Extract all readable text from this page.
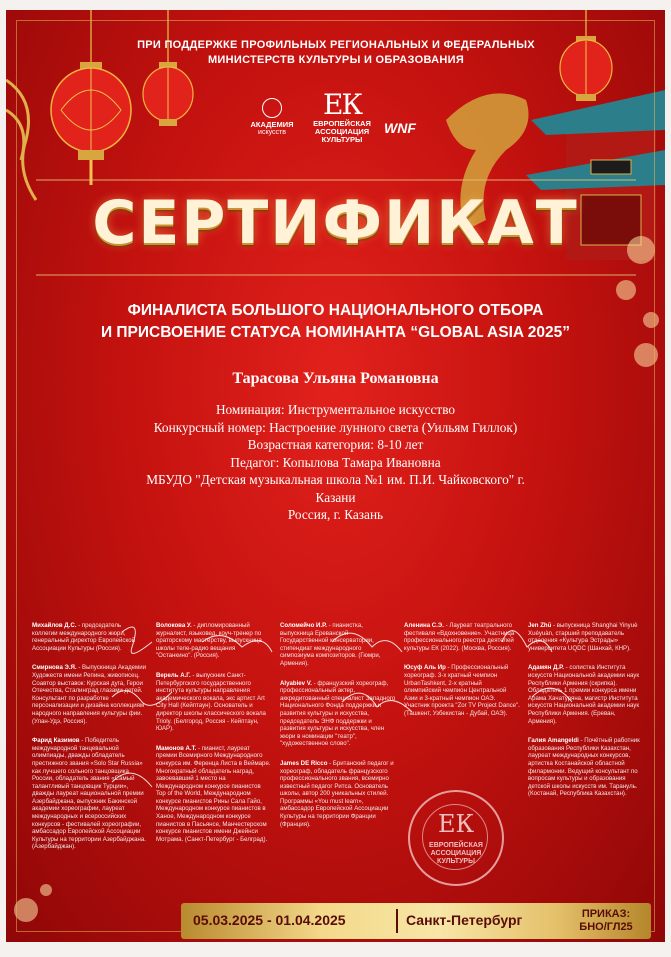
ПРИ ПОДДЕРЖКЕ ПРОФИЛЬНЫХ РЕГИОНАЛЬНЫХ И ФЕДЕРАЛЬНЫХ
МИНИСТЕРСТВ КУЛЬТУРЫ И ОБРАЗОВАНИЯ
АКАДЕМИЯ
искусств
ЕК
ЕВРОПЕЙСКАЯ
АССОЦИАЦИЯ
КУЛЬТУРЫ
WNF
СЕРТИФИКАТ
ФИНАЛИСТА БОЛЬШОГО НАЦИОНАЛЬНОГО ОТБОРА
И ПРИСВОЕНИЕ СТАТУСА НОМИНАНТА “GLOBAL ASIA 2025”
Тарасова Ульяна Романовна
Номинация: Инструментальное искусство
Конкурсный номер: Настроение лунного света (Уильям Гиллок)
Возрастная категория: 8-10 лет
Педагог: Копылова Тамара Ивановна
МБУДО "Детская музыкальная школа №1 им. П.И. Чайковского" г.
Казани
Россия, г. Казань

Михайлов Д.С. - председатель коллегии международного жюри, генеральный директор Европейской Ассоциации Культуры (Россия).

Смирнова Э.Я. - Выпускница Академии Художеств имени Репина, живописец. Соавтор выставок: Курская дуга, Герои Отечества, Сталинград глазами детей. Консультант по разработке персонализации и дизайна коллекциям народного направления культуры фии. (Улан-Удэ, Россия).

Фарид Казимов - Победитель международной танцевальной олимпиады, дважды обладатель престижного звания «Solo Star Russia» как лучшего сольного танцовщика России, обладатель звания «Самый талантливый танцовщик Турции», дважды лауреат национальной премии Азербайджана, выпускник Бакинской академии хореографии, лауреат международных и всероссийских конкурсов - фестивалей хореографии, амбассадор Европейской Ассоциации Культуры на территории Азербайджана. (Азербайджан).

Волокова У. - дипломированный журналист, языковед, коуч-тренер по ораторскому мастерству, выпускница школы теле-радио вещания "Останкино". (Россия).

Верель А.Г. - выпускник Санкт-Петербургского государственного института культуры направления академического вокала, экс артист Art City Hall (Кейптаун). Основатель и директор школы классического вокала Trioly. (Белгород, Россия - Кейптаун, ЮАР).

Мамонов А.Т. - пианист, лауреат премии Всемирного Международного конкурса им. Ференца Листа в Веймаре. Многократный обладатель наград, завоевавший 1 место на Международном конкурсе пианистов Top of the World, Международном конкурсе пианистов Рины Сала Гайо, Международном конкурсе пианистов в Ханое, Международном конкурсе пианистов в Пасьянсе, Манчестерском конкурсе пианистов имени Джейнси Мотрама. (Санкт-Петербург - Белград).

Соломейчо И.Р. - пианистка, выпускница Ереванской Государственной консерватории, стипендиат международного симпозиума композиторов. (Гюмри, Армения).

Alyabiev V. - французский хореограф, профессиональный актер, аккредитованный специалист Западного Национального Фонда поддержки и развития культуры и искусства, председатель ЭНФ поддержки и развития культуры и искусства, член жюри в номинации "театр", "художественное слово".

James DE Ricco - Британский педагог и хореограф, обладатель французского профессионального звания, всемирно известный педагог Ритса. Основатель школы, автор 200 уникальных стилей. Программы «You must learn», амбассадор Европейской Ассоциации Культуры на территории Франции (Франция).

Аленина С.Э. - Лауреат театрального фестиваля «Вдохновение». Участница профессионального реестра деятелей культуры ЕК (2022). (Москва, Россия).

Юсуф Аль Ир - Профессиональный хореограф. 3-х кратный чемпион UrbanTashkent, 2-х кратный олимпийский чемпион Центральной Азии и 3-кратный чемпион ОАЭ. Участник проекта "Zor TV Project Dance". (Ташкент, Узбекистан - Дубай, ОАЭ).

Jen Zhū - выпускница Shanghai Yinyuè Xuéyuàn, старший преподаватель отделения «Культура Эстрады» университета UQDC (Шанхай, КНР).

Адамян Д.Р. - солистка Института искусств Национальной академии наук Республики Армения (скрипка). Обладатель 1 премии конкурса имени Арама Хачатуряна, магистр Института искусств Национальной академии наук Республики Армения. (Ереван, Армения).

Галия Amangeldi - Почётный работник образования Республики Казахстан, лауреат международных конкурсов, артистка Костанайской областной филармонии. Ведущий консультант по вопросам культуры и образования детской школы искусств им. Тарануль. (Костанай, Республика Казахстан).

ЕК
ЕВРОПЕЙСКАЯ
АССОЦИАЦИЯ
КУЛЬТУРЫ
05.03.2025 - 01.04.2025	Санкт-Петербург	ПРИКАЗ:
БНО/ГЛ25
